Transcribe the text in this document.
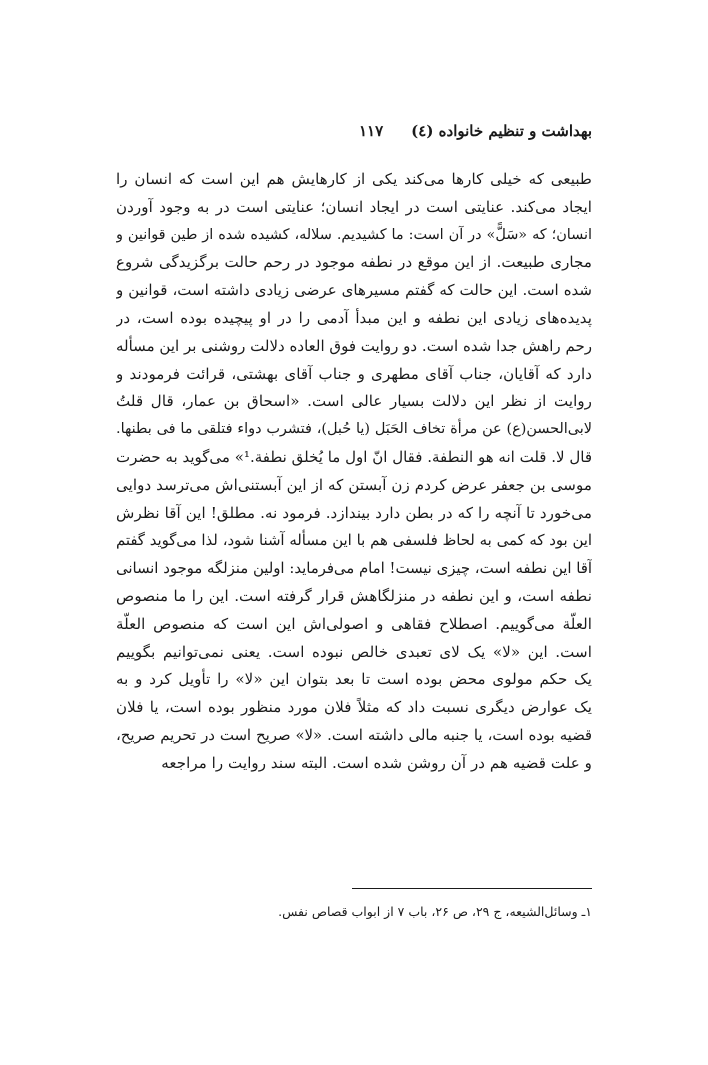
بهداشت و تنظیم خانواده (٤)
۱۱۷
طبیعی که خیلی کارها می‌کند یکی از کارهایش هم این است که انسان را
ایجاد می‌کند. عنایتی است در ایجاد انسان؛ عنایتی است در به وجود آوردن
انسان؛ که «سَلًّ» در آن است: ما کشیدیم. سلاله، کشیده شده از طین قوانین و
مجاری طبیعت. از این موقع در نطفه موجود در رحم حالت برگزیدگی شروع
شده است. این حالت که گفتم مسیرهای عرضی زیادی داشته است، قوانین و
پدیده‌های زیادی این نطفه و این مبدأ آدمی را در او پیچیده بوده است، در
رحم راهش جدا شده است. دو روایت فوق العاده دلالت روشنی بر این مسأله
دارد که آقایان، جناب آقای مطهری و جناب آقای بهشتی، قرائت فرمودند و
روایت از نظر این دلالت بسیار عالی است. «اسحاق بن عمار، قال قلتُ
لابی‌الحسن(ع) عن مرأة تخاف الحَبَل (یا حُبل)، فتشرب دواء فتلقی ما فی بطنها.
قال لا. قلت انه هو النطفة. فقال انّ اول ما یُخلق نطفة.¹» می‌گوید به حضرت
موسی بن جعفر عرض کردم زن آبستن که از این آبستنی‌اش می‌ترسد دوایی
می‌خورد تا آنچه را که در بطن دارد بیندازد. فرمود نه. مطلق! این آقا نظرش
این بود که کمی به لحاظ فلسفی هم با این مسأله آشنا شود، لذا می‌گوید گفتم
آقا این نطفه است، چیزی نیست! امام می‌فرماید: اولین منزلگه موجود انسانی
نطفه است، و این نطفه در منزلگاهش قرار گرفته است. این را ما منصوص
العلّة می‌گوییم. اصطلاح فقاهی و اصولی‌اش این است که منصوص العلّة
است. این «لا» یک لای تعبدی خالص نبوده است. یعنی نمی‌توانیم بگوییم
یک حکم مولوی محض بوده است تا بعد بتوان این «لا» را تأویل کرد و به
یک عوارض دیگری نسبت داد که مثلاً فلان مورد منظور بوده است، یا فلان
قضیه بوده است، یا جنبه مالی داشته است. «لا» صریح است در تحریم صریح،
و علت قضیه هم در آن روشن شده است. البته سند روایت را مراجعه
۱ـ وسائل‌الشیعه، ج ۲۹، ص ۲۶، باب ۷ از ابواب قصاص نفس.
